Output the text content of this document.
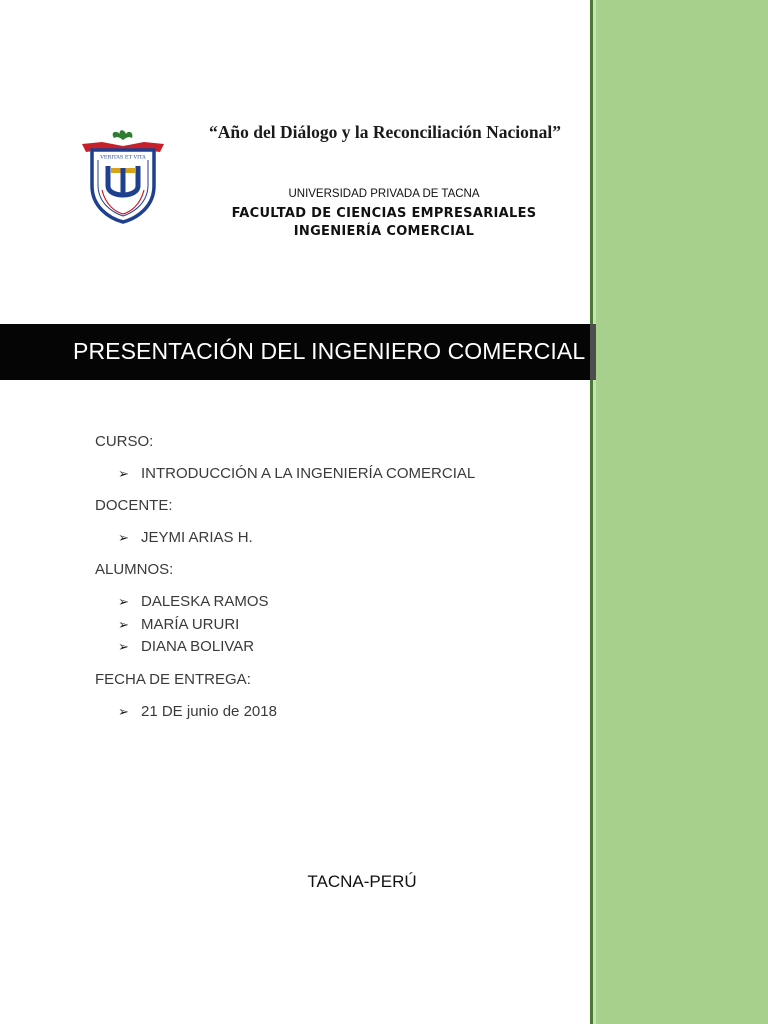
VERITAS ET VITA
“Año del Diálogo y la Reconciliación Nacional”
UNIVERSIDAD PRIVADA DE TACNA
FACULTAD DE CIENCIAS EMPRESARIALES
INGENIERÍA COMERCIAL
CURSO:
➢ INTRODUCCIÓN A LA INGENIERÍA COMERCIAL
DOCENTE:
➢ JEYMI ARIAS H.
ALUMNOS:
➢ DALESKA RAMOS
➢ MARÍA URURI
➢ DIANA BOLIVAR
FECHA DE ENTREGA:
➢ 21 DE junio de 2018
TACNA-PERÚ
PRESENTACIÓN DEL INGENIERO COMERCIAL
